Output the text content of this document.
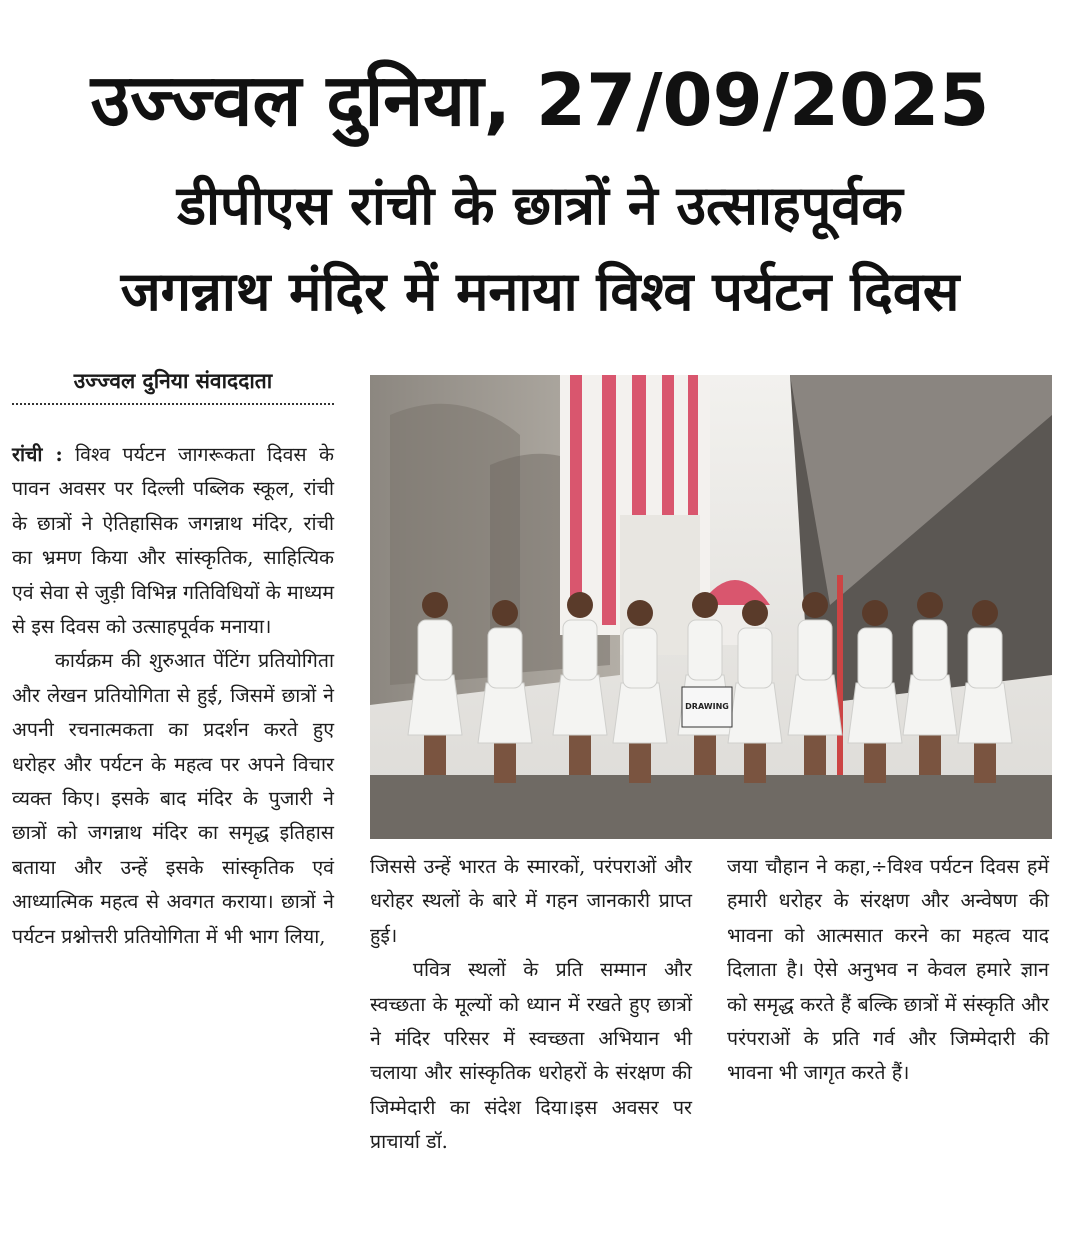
उज्ज्वल दुनिया, 27/09/2025
डीपीएस रांची के छात्रों ने उत्साहपूर्वक
जगन्नाथ मंदिर में मनाया विश्व पर्यटन दिवस
उज्ज्वल दुनिया संवाददाता

रांची : विश्व पर्यटन जागरूकता दिवस के पावन अवसर पर दिल्ली पब्लिक स्कूल, रांची के छात्रों ने ऐतिहासिक जगन्नाथ मंदिर, रांची का भ्रमण किया और सांस्कृतिक, साहित्यिक एवं सेवा से जुड़ी विभिन्न गतिविधियों के माध्यम से इस दिवस को उत्साहपूर्वक मनाया।

कार्यक्रम की शुरुआत पेंटिंग प्रतियोगिता और लेखन प्रतियोगिता से हुई, जिसमें छात्रों ने अपनी रचनात्मकता का प्रदर्शन करते हुए धरोहर और पर्यटन के महत्व पर अपने विचार व्यक्त किए। इसके बाद मंदिर के पुजारी ने छात्रों को जगन्नाथ मंदिर का समृद्ध इतिहास बताया और उन्हें इसके सांस्कृतिक एवं आध्यात्मिक महत्व से अवगत कराया। छात्रों ने पर्यटन प्रश्नोत्तरी प्रतियोगिता में भी भाग लिया,

DRAWING

जिससे उन्हें भारत के स्मारकों, परंपराओं और धरोहर स्थलों के बारे में गहन जानकारी प्राप्त हुई।

पवित्र स्थलों के प्रति सम्मान और स्वच्छता के मूल्यों को ध्यान में रखते हुए छात्रों ने मंदिर परिसर में स्वच्छता अभियान भी चलाया और सांस्कृतिक धरोहरों के संरक्षण की जिम्मेदारी का संदेश दिया।इस अवसर पर प्राचार्या डॉ.

जया चौहान ने कहा,÷विश्व पर्यटन दिवस हमें हमारी धरोहर के संरक्षण और अन्वेषण की भावना को आत्मसात करने का महत्व याद दिलाता है। ऐसे अनुभव न केवल हमारे ज्ञान को समृद्ध करते हैं बल्कि छात्रों में संस्कृति और परंपराओं के प्रति गर्व और जिम्मेदारी की भावना भी जागृत करते हैं।
